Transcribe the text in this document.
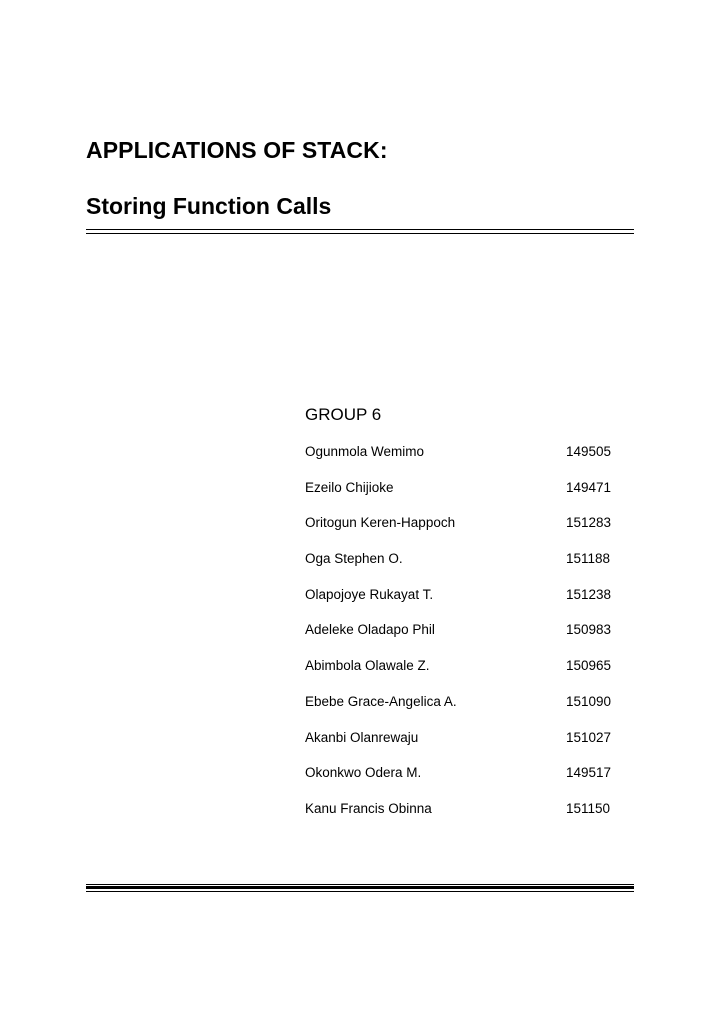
APPLICATIONS OF STACK:
Storing Function Calls
GROUP 6
Ogunmola Wemimo	149505
Ezeilo Chijioke	149471
Oritogun Keren-Happoch	151283
Oga Stephen O.	151188
Olapojoye Rukayat T.	151238
Adeleke Oladapo Phil	150983
Abimbola Olawale Z.	150965
Ebebe Grace-Angelica A.	151090
Akanbi Olanrewaju	151027
Okonkwo Odera M.	149517
Kanu Francis Obinna	151150
